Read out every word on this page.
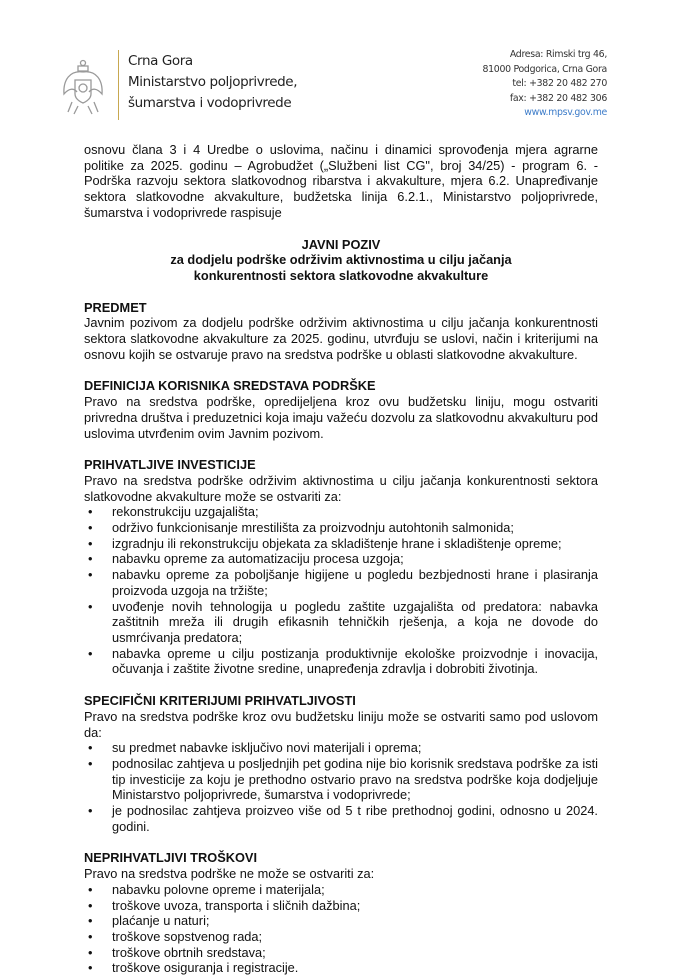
Crna Gora
Ministarstvo poljoprivrede,
šumarstva i vodoprivrede
Adresa: Rimski trg 46,
81000 Podgorica, Crna Gora
tel: +382 20 482 270
fax: +382 20 482 306
www.mpsv.gov.me

osnovu člana 3 i 4 Uredbe o uslovima, načinu i dinamici sprovođenja mjera agrarne politike za 2025. godinu – Agrobudžet („Službeni list CG", broj 34/25) - program 6. - Podrška razvoju sektora slatkovodnog ribarstva i akvakulture, mjera 6.2. Unapređivanje sektora slatkovodne akvakulture, budžetska linija 6.2.1., Ministarstvo poljoprivrede, šumarstva i vodoprivrede raspisuje

JAVNI POZIV
za dodjelu podrške održivim aktivnostima u cilju jačanja konkurentnosti sektora slatkovodne akvakulture
PREDMET

Javnim pozivom za dodjelu podrške održivim aktivnostima u cilju jačanja konkurentnosti sektora slatkovodne akvakulture za 2025. godinu, utvrđuju se uslovi, način i kriterijumi na osnovu kojih se ostvaruje pravo na sredstva podrške u oblasti slatkovodne akvakulture.

DEFINICIJA KORISNIKA SREDSTAVA PODRŠKE

Pravo na sredstva podrške, opredijeljena kroz ovu budžetsku liniju, mogu ostvariti privredna društva i preduzetnici koja imaju važeću dozvolu za slatkovodnu akvakulturu pod uslovima utvrđenim ovim Javnim pozivom.

PRIHVATLJIVE INVESTICIJE

Pravo na sredstva podrške održivim aktivnostima u cilju jačanja konkurentnosti sektora slatkovodne akvakulture može se ostvariti za:

• rekonstrukciju uzgajališta;
• održivo funkcionisanje mrestilišta za proizvodnju autohtonih salmonida;
• izgradnju ili rekonstrukciju objekata za skladištenje hrane i skladištenje opreme;
• nabavku opreme za automatizaciju procesa uzgoja;
• nabavku opreme za poboljšanje higijene u pogledu bezbjednosti hrane i plasiranja proizvoda uzgoja na tržište;
• uvođenje novih tehnologija u pogledu zaštite uzgajališta od predatora: nabavka zaštitnih mreža ili drugih efikasnih tehničkih rješenja, a koja ne dovode do usmrćivanja predatora;
• nabavka opreme u cilju postizanja produktivnije ekološke proizvodnje i inovacija, očuvanja i zaštite životne sredine, unapređenja zdravlja i dobrobiti životinja.
SPECIFIČNI KRITERIJUMI PRIHVATLJIVOSTI

Pravo na sredstva podrške kroz ovu budžetsku liniju može se ostvariti samo pod uslovom da:

• su predmet nabavke isključivo novi materijali i oprema;
• podnosilac zahtjeva u posljednjih pet godina nije bio korisnik sredstava podrške za isti tip investicije za koju je prethodno ostvario pravo na sredstva podrške koja dodjeljuje Ministarstvo poljoprivrede, šumarstva i vodoprivrede;
• je podnosilac zahtjeva proizveo više od 5 t ribe prethodnoj godini, odnosno u 2024. godini.
NEPRIHVATLJIVI TROŠKOVI

Pravo na sredstva podrške ne može se ostvariti za:

• nabavku polovne opreme i materijala;
• troškove uvoza, transporta i sličnih dažbina;
• plaćanje u naturi;
• troškove sopstvenog rada;
• troškove obrtnih sredstava;
• troškove osiguranja i registracije.
